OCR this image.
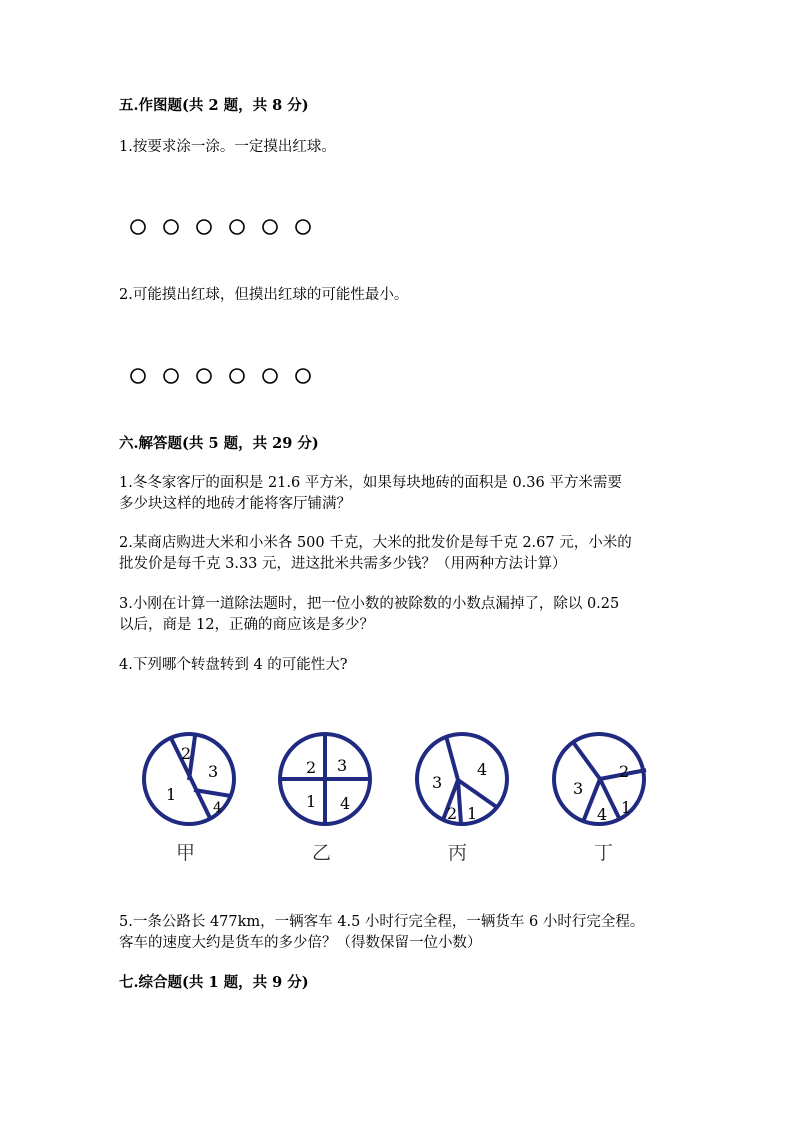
五.作图题(共 2 题，共 8 分)
1.按要求涂一涂。一定摸出红球。
2.可能摸出红球，但摸出红球的可能性最小。
六.解答题(共 5 题，共 29 分)
1.冬冬家客厅的面积是 21.6 平方米，如果每块地砖的面积是 0.36 平方米需要
多少块这样的地砖才能将客厅铺满？
2.某商店购进大米和小米各 500 千克，大米的批发价是每千克 2.67 元，小米的
批发价是每千克 3.33 元，进这批米共需多少钱？（用两种方法计算）
3.小刚在计算一道除法题时，把一位小数的被除数的小数点漏掉了，除以 0.25
以后，商是 12，正确的商应该是多少？
4.下列哪个转盘转到 4 的可能性大?
2
3
1
4
2 3
1 4
3
4
2 1
3
2
4 1
甲	乙	丙	丁
5.一条公路长 477km，一辆客车 4.5 小时行完全程，一辆货车 6 小时行完全程。
客车的速度大约是货车的多少倍？（得数保留一位小数）
七.综合题(共 1 题，共 9 分)
